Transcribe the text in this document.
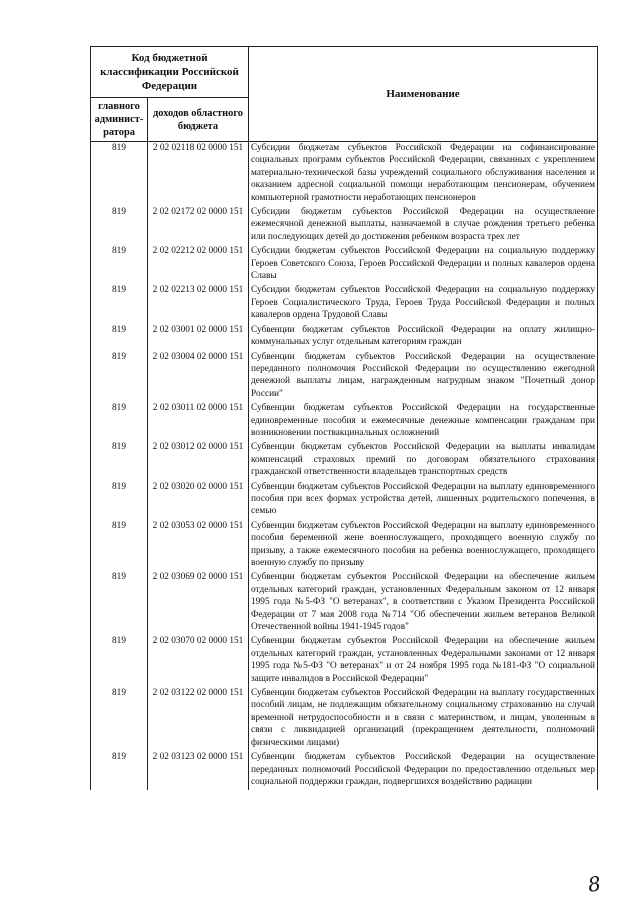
Код бюджетной классификации Российской Федерации		Наименование
главного админист-ратора	доходов областного бюджета	
819	2 02 02118 02 0000 151	Субсидии бюджетам субъектов Российской Федерации на софинансирование социальных программ субъектов Российской Федерации, связанных с укреплением материально-технической базы учреждений социального обслуживания населения и оказанием адресной социальной помощи неработающим пенсионерам, обучением компьютерной грамотности неработающих пенсионеров
819	2 02 02172 02 0000 151	Субсидии бюджетам субъектов Российской Федерации на осуществление ежемесячной денежной выплаты, назначаемой в случае рождения третьего ребенка или последующих детей до достижения ребенком возраста трех лет
819	2 02 02212 02 0000 151	Субсидии бюджетам субъектов Российской Федерации на социальную поддержку Героев Советского Союза, Героев Российской Федерации и полных кавалеров ордена Славы
819	2 02 02213 02 0000 151	Субсидии бюджетам субъектов Российской Федерации на социальную поддержку Героев Социалистического Труда, Героев Труда Российской Федерации и полных кавалеров ордена Трудовой Славы
819	2 02 03001 02 0000 151	Субвенции бюджетам субъектов Российской Федерации на оплату жилищно-коммунальных услуг отдельным категориям граждан
819	2 02 03004 02 0000 151	Субвенции бюджетам субъектов Российской Федерации на осуществление переданного полномочия Российской Федерации по осуществлению ежегодной денежной выплаты лицам, награжденным нагрудным знаком "Почетный донор России"
819	2 02 03011 02 0000 151	Субвенции бюджетам субъектов Российской Федерации на государственные единовременные пособия и ежемесячные денежные компенсации гражданам при возникновении поствакцинальных осложнений
819	2 02 03012 02 0000 151	Субвенции бюджетам субъектов Российской Федерации на выплаты инвалидам компенсаций страховых премий по договорам обязательного страхования гражданской ответственности владельцев транспортных средств
819	2 02 03020 02 0000 151	Субвенции бюджетам субъектов Российской Федерации на выплату единовременного пособия при всех формах устройства детей, лишенных родительского попечения, в семью
819	2 02 03053 02 0000 151	Субвенции бюджетам субъектов Российской Федерации на выплату единовременного пособия беременной жене военнослужащего, проходящего военную службу по призыву, а также ежемесячного пособия на ребенка военнослужащего, проходящего военную службу по призыву
819	2 02 03069 02 0000 151	Субвенции бюджетам субъектов Российской Федерации на обеспечение жильем отдельных категорий граждан, установленных Федеральным законом от 12 января 1995 года №5-ФЗ "О ветеранах", в соответствии с Указом Президента Российской Федерации от 7 мая 2008 года №714 "Об обеспечении жильем ветеранов Великой Отечественной войны 1941-1945 годов"
819	2 02 03070 02 0000 151	Субвенции бюджетам субъектов Российской Федерации на обеспечение жильем отдельных категорий граждан, установленных Федеральными законами от 12 января 1995 года №5-ФЗ "О ветеранах" и от 24 ноября 1995 года №181-ФЗ "О социальной защите инвалидов в Российской Федерации"
819	2 02 03122 02 0000 151	Субвенции бюджетам субъектов Российской Федерации на выплату государственных пособий лицам, не подлежащим обязательному социальному страхованию на случай временной нетрудоспособности и в связи с материнством, и лицам, уволенным в связи с ликвидацией организаций (прекращением деятельности, полномочий физическими лицами)
819	2 02 03123 02 0000 151	Субвенции бюджетам субъектов Российской Федерации на осуществление переданных полномочий Российской Федерации по предоставлению отдельных мер социальной поддержки граждан, подвергшихся воздействию радиации
8
